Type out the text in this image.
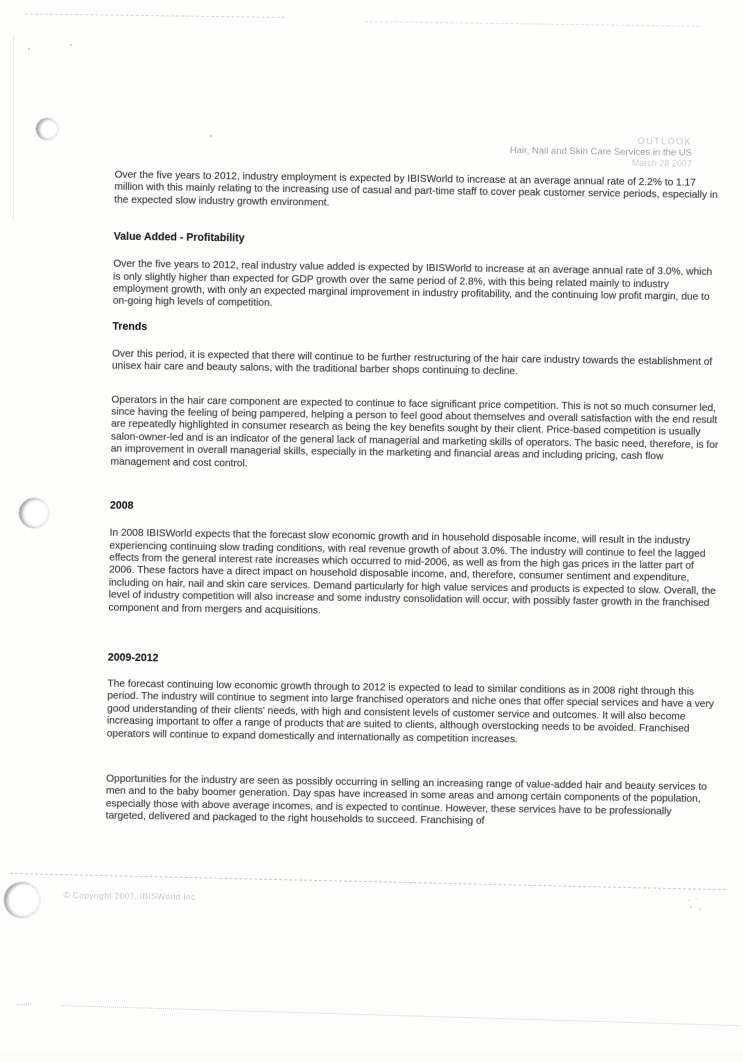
OUTLOOK
Hair, Nail and Skin Care Services in the US
March 28 2007

Over the five years to 2012, industry employment is expected by IBISWorld to increase at an average annual rate of 2.2% to 1.17 million with this mainly relating to the increasing use of casual and part-time staff to cover peak customer service periods, especially in the expected slow industry growth environment.

Value Added - Profitability

Over the five years to 2012, real industry value added is expected by IBISWorld to increase at an average annual rate of 3.0%, which is only slightly higher than expected for GDP growth over the same period of 2.8%, with this being related mainly to industry employment growth, with only an expected marginal improvement in industry profitability, and the continuing low profit margin, due to on-going high levels of competition.

Trends

Over this period, it is expected that there will continue to be further restructuring of the hair care industry towards the establishment of unisex hair care and beauty salons, with the traditional barber shops continuing to decline.

Operators in the hair care component are expected to continue to face significant price competition. This is not so much consumer led, since having the feeling of being pampered, helping a person to feel good about themselves and overall satisfaction with the end result are repeatedly highlighted in consumer research as being the key benefits sought by their client. Price-based competition is usually salon-owner-led and is an indicator of the general lack of managerial and marketing skills of operators. The basic need, therefore, is for an improvement in overall managerial skills, especially in the marketing and financial areas and including pricing, cash flow management and cost control.

2008

In 2008 IBISWorld expects that the forecast slow economic growth and in household disposable income, will result in the industry experiencing continuing slow trading conditions, with real revenue growth of about 3.0%. The industry will continue to feel the lagged effects from the general interest rate increases which occurred to mid-2006, as well as from the high gas prices in the latter part of 2006. These factors have a direct impact on household disposable income, and, therefore, consumer sentiment and expenditure, including on hair, nail and skin care services. Demand particularly for high value services and products is expected to slow. Overall, the level of industry competition will also increase and some industry consolidation will occur, with possibly faster growth in the franchised component and from mergers and acquisitions.

2009-2012

The forecast continuing low economic growth through to 2012 is expected to lead to similar conditions as in 2008 right through this period. The industry will continue to segment into large franchised operators and niche ones that offer special services and have a very good understanding of their clients' needs, with high and consistent levels of customer service and outcomes. It will also become increasing important to offer a range of products that are suited to clients, although overstocking needs to be avoided. Franchised operators will continue to expand domestically and internationally as competition increases.

Opportunities for the industry are seen as possibly occurring in selling an increasing range of value-added hair and beauty services to men and to the baby boomer generation. Day spas have increased in some areas and among certain components of the population, especially those with above average incomes, and is expected to continue. However, these services have to be professionally targeted, delivered and packaged to the right households to succeed. Franchising of

© Copyright 2007, IBISWorld Inc
